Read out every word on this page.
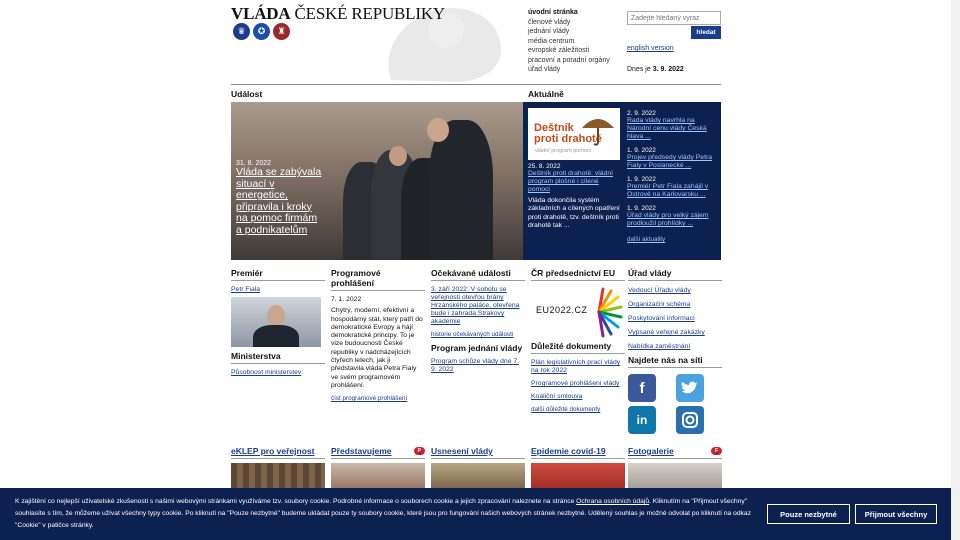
VLÁDA ČESKÉ REPUBLIKY
♛	✪	♜
úvodní stránka
členové vlády
jednání vlády
média centrum
evropské záležitosti
pracovní a poradní orgány
úřad vlády
Zadejte hledaný výraz
hledat
english version
Dnes je 3. 9. 2022
Událost	Aktuálně
31. 8. 2022
Vláda se zabývala situací v energetice, připravila i kroky na pomoc firmám a podnikatelům
Deštník
proti drahotě
vládní program pomoci
25. 8. 2022
Deštník proti drahotě: vládní program plošné i cílené pomoci
Vláda dokončila systém základních a cílených opatření proti drahotě, tzv. deštník proti drahotě tak ...
2. 9. 2022
Rada vlády navrhla na Národní cenu vlády Česká hlava ...
1. 9. 2022
Projev předsedy vlády Petra Fialy v Poslanecké ...
1. 9. 2022
Premiér Petr Fiala zahájil v Ostrově na Karlovarsku ...
1. 9. 2022
Úřad vlády pro velký zájem prodloužil prohlídky ...
další aktuality
Premiér
Petr Fiala
Ministerstva
Působnost ministerstev
Programové prohlášení

7. 1. 2022

Chytrý, moderní, efektivní a hospodárný stát, který patří do demokratické Evropy a hájí demokratické principy. To je vize budoucnosti České republiky v nadcházejících čtyřech letech, jak ji představila vláda Petra Fialy ve svém programovém prohlášení.

číst programové prohlášení
Očekávané události
3. září 2022: V sobotu se veřejnosti otevřou brány Hrzánského paláce, otevřena bude i zahrada Strakovy akademie
historie očekávaných událostí
Program jednání vlády
Program schůze vlády dne 7. 9. 2022
ČR předsednictví EU
EU2022.CZ
Důležité dokumenty
Plán legislativních prací vlády na rok 2022
Programové prohlášení vlády
Koaliční smlouva
další důležité dokumenty
Úřad vlády
Vedoucí Úřadu vlády
Organizační schéma
Poskytování informací
Vypsané veřejné zakázky
Nabídka zaměstnání
Najdete nás na síti
f
in
eKLEP pro veřejnost Představujeme	P	Usnesení vlády	Epidemie covid-19	Fotogalerie	F
K zajištění co nejlepší uživatelské zkušenosti s našimi webovými stránkami využíváme tzv. soubory cookie. Podrobné informace o souborech cookie a jejich zpracování naleznete na stránce Ochrana osobních údajů. Kliknutím na "Přijmout všechny" souhlasíte s tím, že můžeme užívat všechny typy cookie. Po kliknutí na "Pouze nezbytné" budeme ukládat pouze ty soubory cookie, které jsou pro fungování našich webových stránek nezbytné. Udělený souhlas je možné odvolat po kliknutí na odkaz "Cookie" v patičce stránky.
Pouze nezbytné	Přijmout všechny
